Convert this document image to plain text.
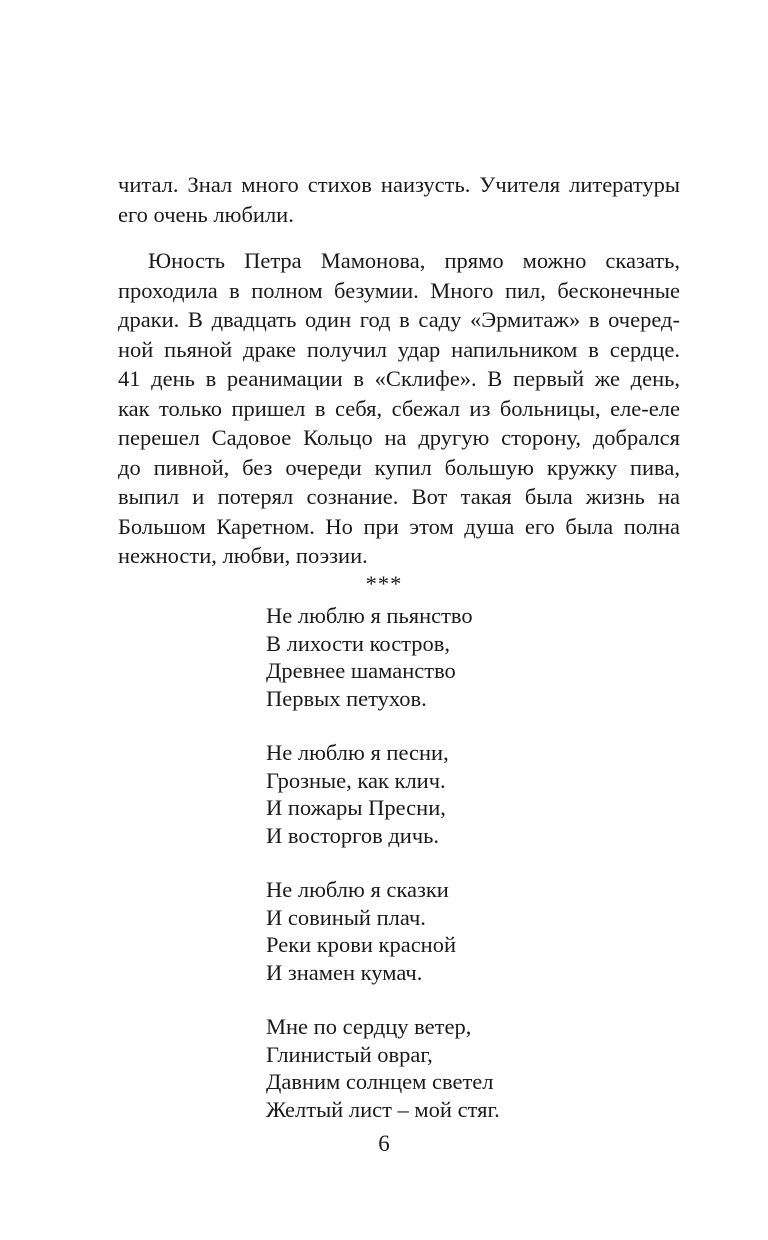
читал. Знал много стихов наизусть. Учителя литературы
его очень любили.
Юность Петра Мамонова, прямо можно сказать,
проходила в полном безумии. Много пил, бесконечные
драки. В двадцать один год в саду «Эрмитаж» в очеред-
ной пьяной драке получил удар напильником в сердце.
41 день в реанимации в «Склифе». В первый же день,
как только пришел в себя, сбежал из больницы, еле-еле
перешел Садовое Кольцо на другую сторону, добрался
до пивной, без очереди купил большую кружку пива,
выпил и потерял сознание. Вот такая была жизнь на
Большом Каретном. Но при этом душа его была полна
нежности, любви, поэзии.
***
Не люблю я пьянство
В лихости костров,
Древнее шаманство
Первых петухов.
Не люблю я песни,
Грозные, как клич.
И пожары Пресни,
И восторгов дичь.
Не люблю я сказки
И совиный плач.
Реки крови красной
И знамен кумач.
Мне по сердцу ветер,
Глинистый овраг,
Давним солнцем светел
Желтый лист – мой стяг.
6
